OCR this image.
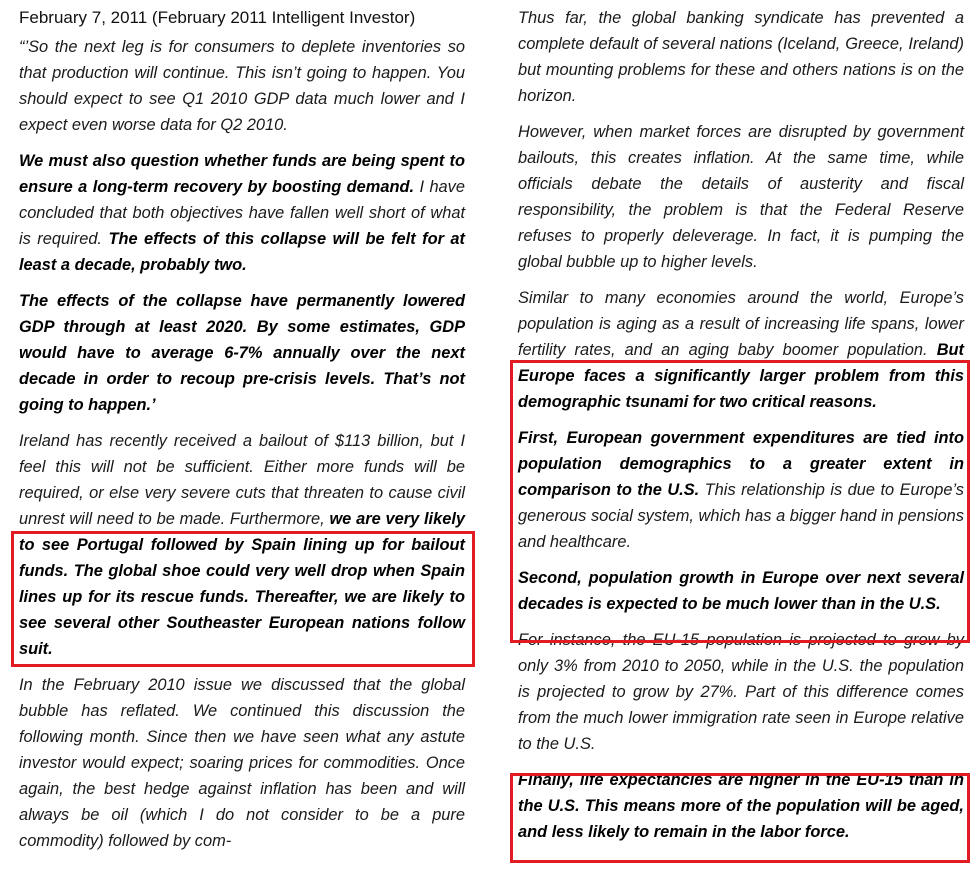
February 7, 2011 (February 2011 Intelligent Investor)

“’So the next leg is for consumers to deplete inventories so that production will continue. This isn’t going to happen. You should expect to see Q1 2010 GDP data much lower and I expect even worse data for Q2 2010.

We must also question whether funds are being spent to ensure a long-term recovery by boosting demand. I have concluded that both objectives have fallen well short of what is required. The effects of this collapse will be felt for at least a decade, probably two.

The effects of the collapse have permanently lowered GDP through at least 2020. By some estimates, GDP would have to average 6-7% annually over the next decade in order to recoup pre-crisis levels. That’s not going to happen.’

Ireland has recently received a bailout of $113 billion, but I feel this will not be sufficient. Either more funds will be required, or else very severe cuts that threaten to cause civil unrest will need to be made. Furthermore, we are very likely to see Portugal followed by Spain lining up for bailout funds. The global shoe could very well drop when Spain lines up for its rescue funds. Thereafter, we are likely to see several other Southeaster European nations follow suit.

In the February 2010 issue we discussed that the global bubble has reflated. We continued this discussion the following month. Since then we have seen what any astute investor would expect; soaring prices for commodities. Once again, the best hedge against inflation has been and will always be oil (which I do not consider to be a pure commodity) followed by com-

Thus far, the global banking syndicate has prevented a complete default of several nations (Iceland, Greece, Ireland) but mounting problems for these and others nations is on the horizon.

However, when market forces are disrupted by government bailouts, this creates inflation. At the same time, while officials debate the details of austerity and fiscal responsibility, the problem is that the Federal Reserve refuses to properly deleverage. In fact, it is pumping the global bubble up to higher levels.

Similar to many economies around the world, Europe’s population is aging as a result of increasing life spans, lower fertility rates, and an aging baby boomer population. But Europe faces a significantly larger problem from this demographic tsunami for two critical reasons.

First, European government expenditures are tied into population demographics to a greater extent in comparison to the U.S. This relationship is due to Europe’s generous social system, which has a bigger hand in pensions and healthcare.

Second, population growth in Europe over next several decades is expected to be much lower than in the U.S.

For instance, the EU-15 population is projected to grow by only 3% from 2010 to 2050, while in the U.S. the population is projected to grow by 27%. Part of this difference comes from the much lower immigration rate seen in Europe relative to the U.S.

Finally, life expectancies are higher in the EU-15 than in the U.S. This means more of the population will be aged, and less likely to remain in the labor force.
